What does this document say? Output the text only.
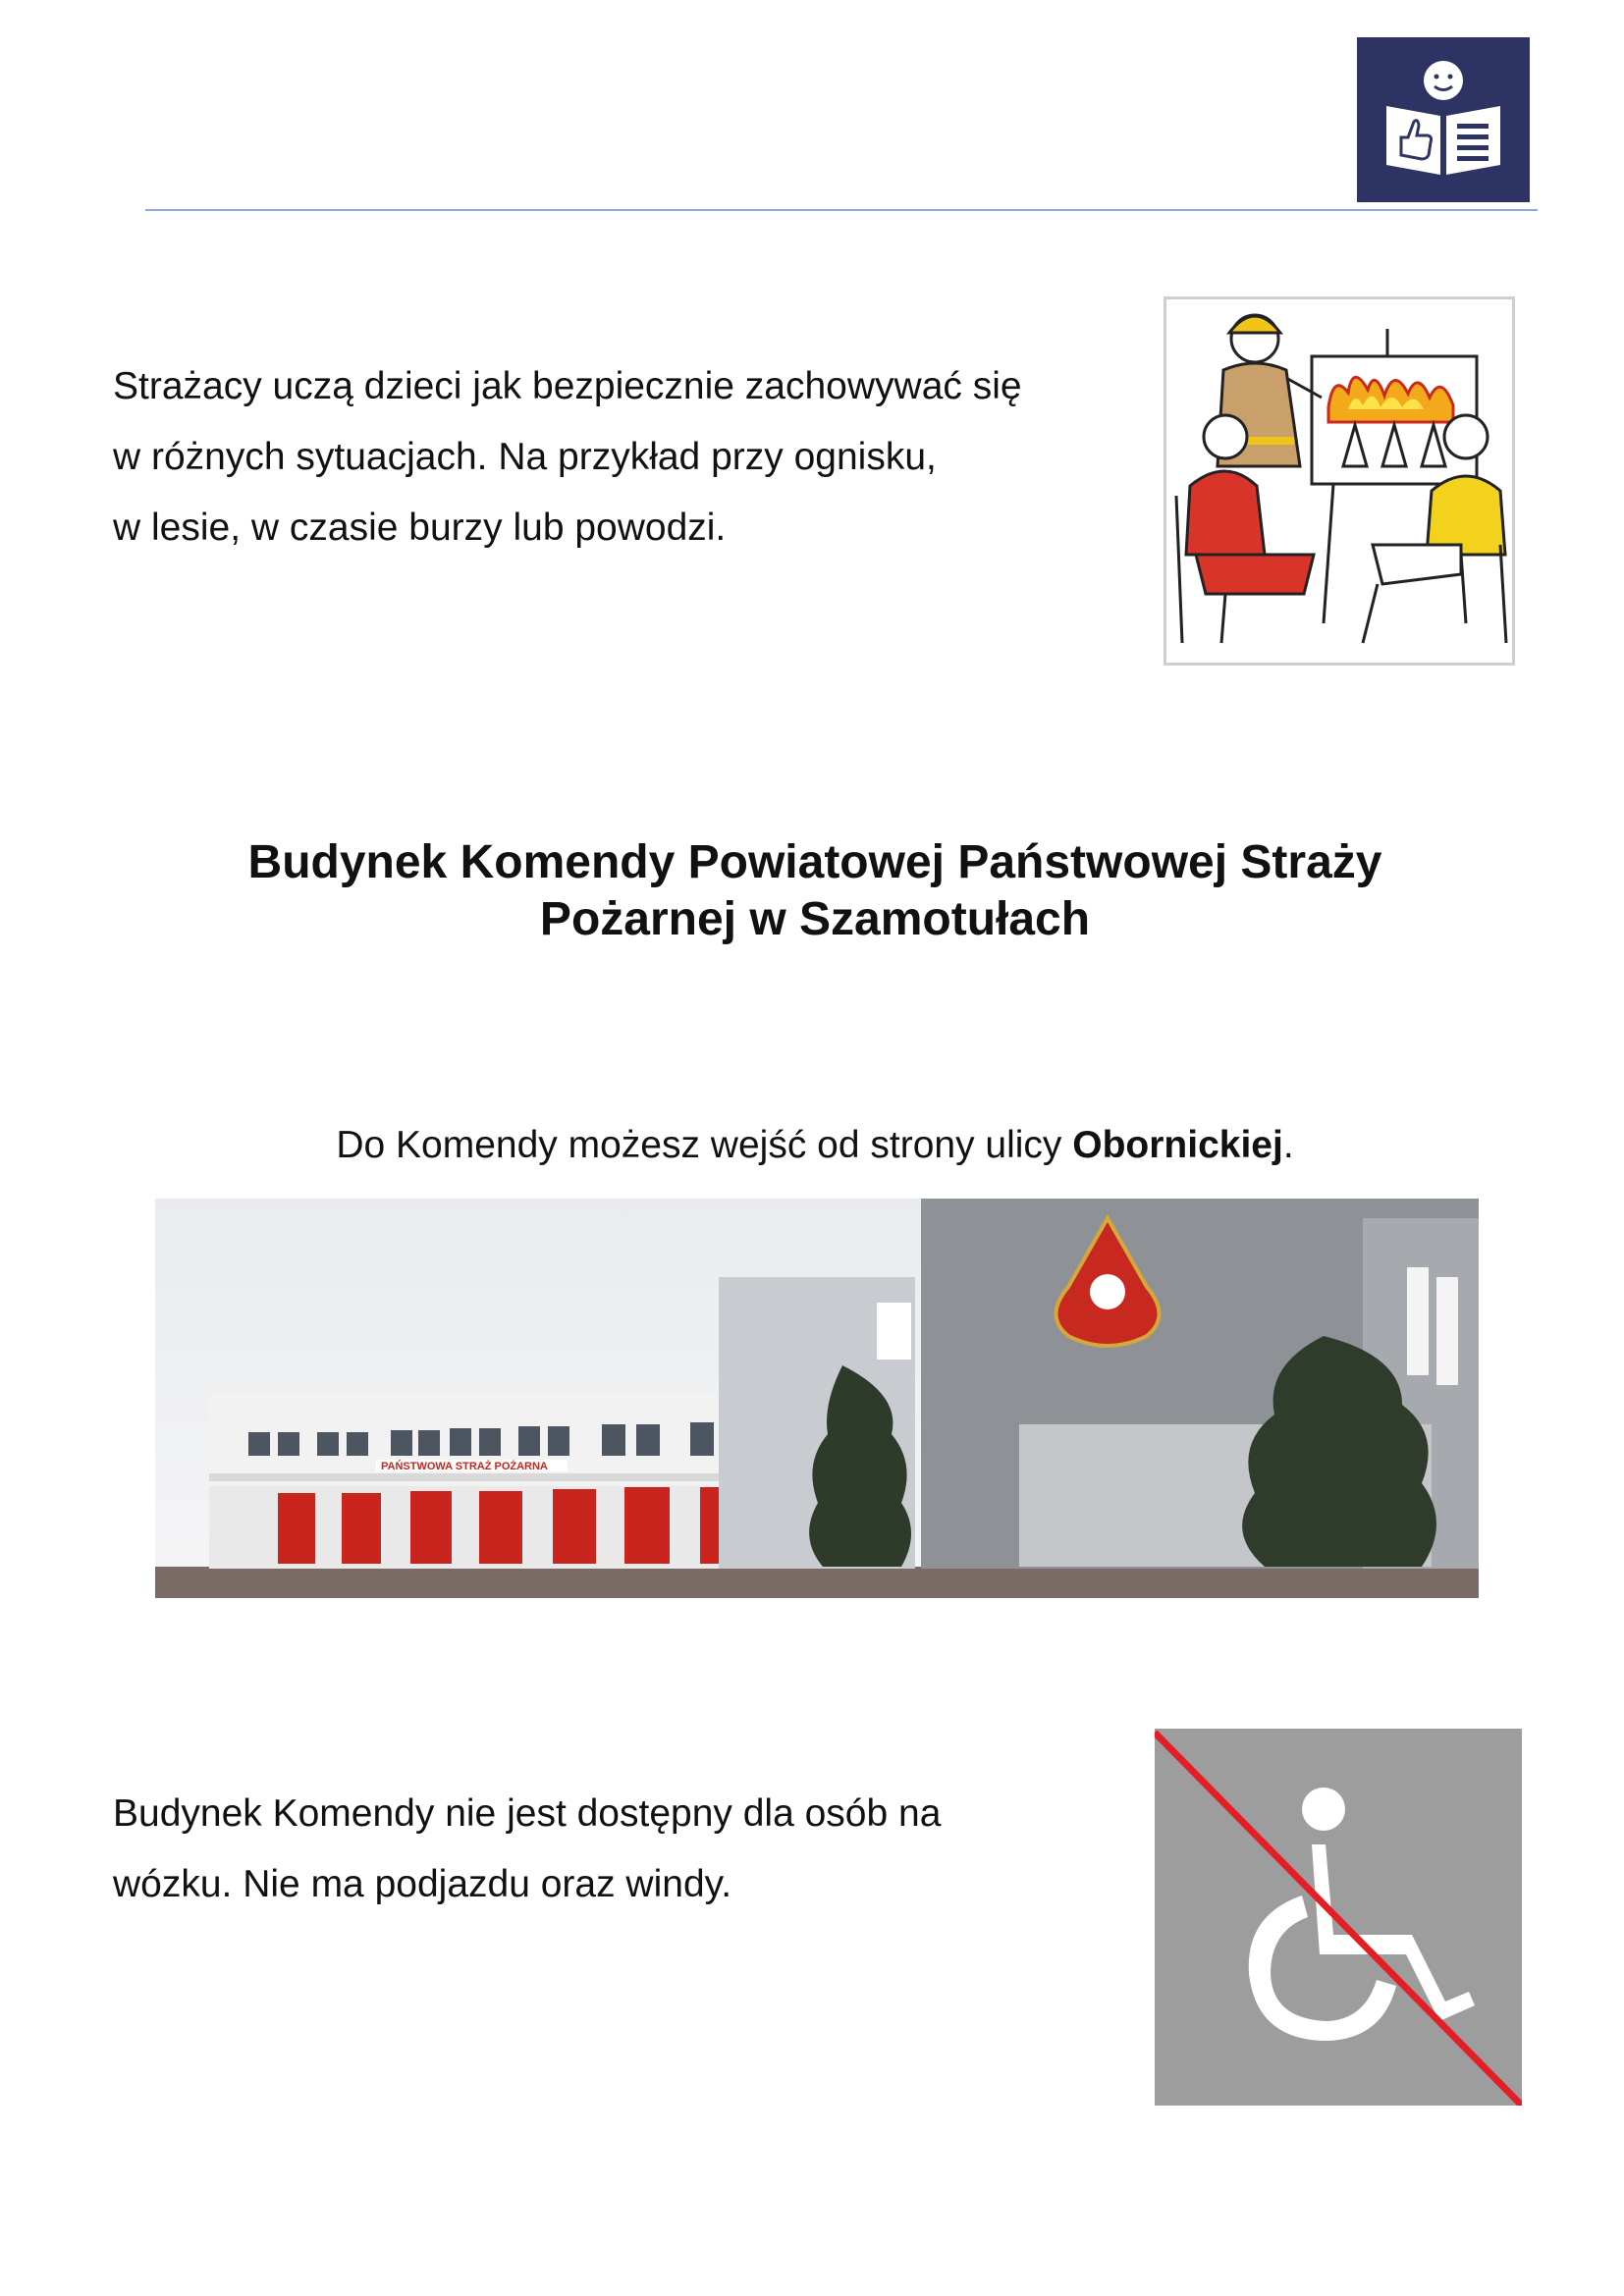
Strażacy uczą dzieci jak bezpiecznie zachowywać się
w różnych sytuacjach. Na przykład przy ognisku,
w lesie, w czasie burzy lub powodzi.
Budynek Komendy Powiatowej Państwowej Straży
Pożarnej w Szamotułach
Do Komendy możesz wejść od strony ulicy Obornickiej.
PAŃSTWOWA STRAŻ POŻARNA
Budynek Komendy nie jest dostępny dla osób na
wózku. Nie ma podjazdu oraz windy.
